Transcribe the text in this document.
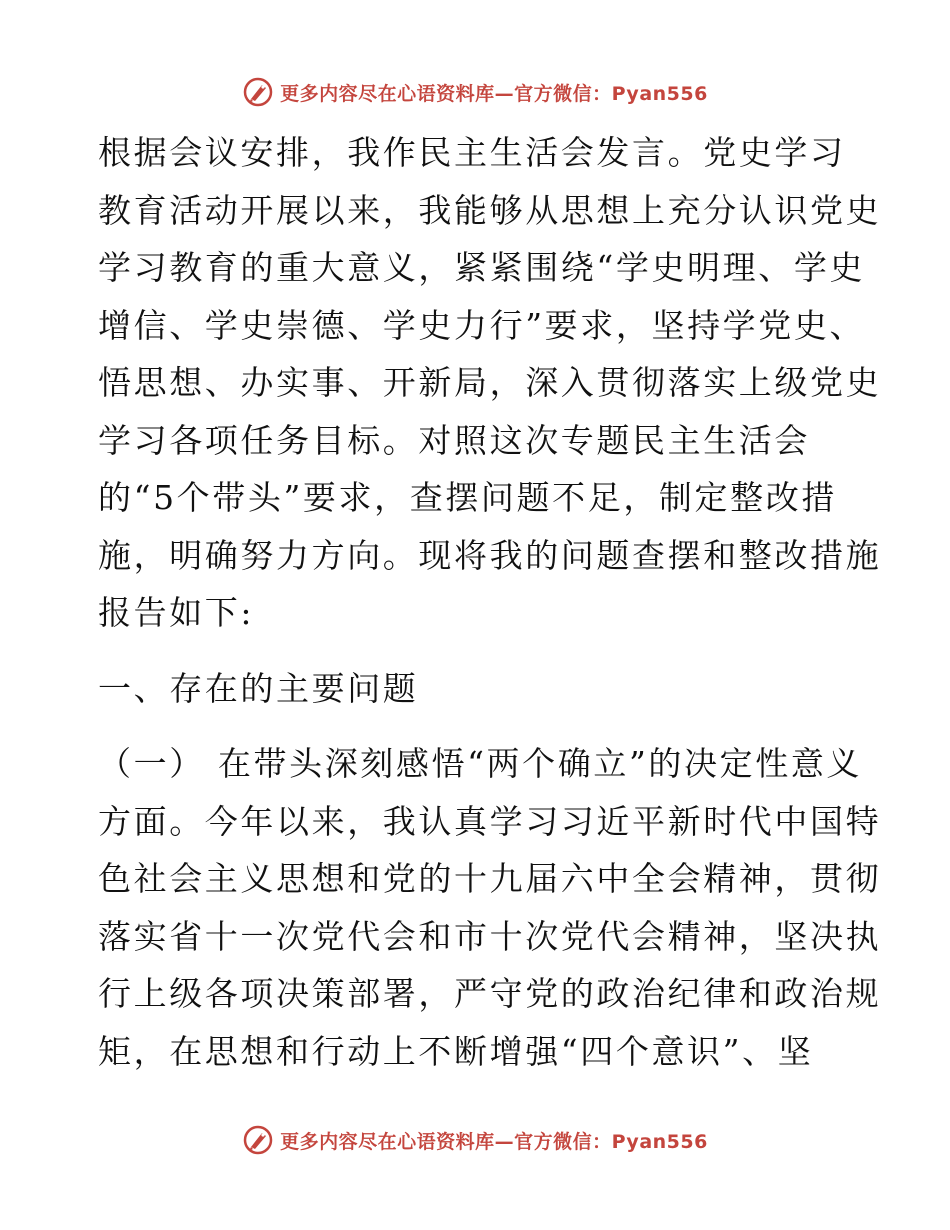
更多内容尽在心语资料库—官方微信：Pyan556
根据会议安排，我作民主生活会发言。党史学习
教育活动开展以来，我能够从思想上充分认识党史
学习教育的重大意义，紧紧围绕“学史明理、学史
增信、学史崇德、学史力行”要求，坚持学党史、
悟思想、办实事、开新局，深入贯彻落实上级党史
学习各项任务目标。对照这次专题民主生活会
的“5个带头”要求，查摆问题不足，制定整改措
施，明确努力方向。现将我的问题查摆和整改措施
报告如下:
一、存在的主要问题
（一） 在带头深刻感悟“两个确立”的决定性意义
方面。今年以来，我认真学习习近平新时代中国特
色社会主义思想和党的十九届六中全会精神，贯彻
落实省十一次党代会和市十次党代会精神，坚决执
行上级各项决策部署，严守党的政治纪律和政治规
矩，在思想和行动上不断增强“四个意识”、坚
更多内容尽在心语资料库—官方微信：Pyan556
